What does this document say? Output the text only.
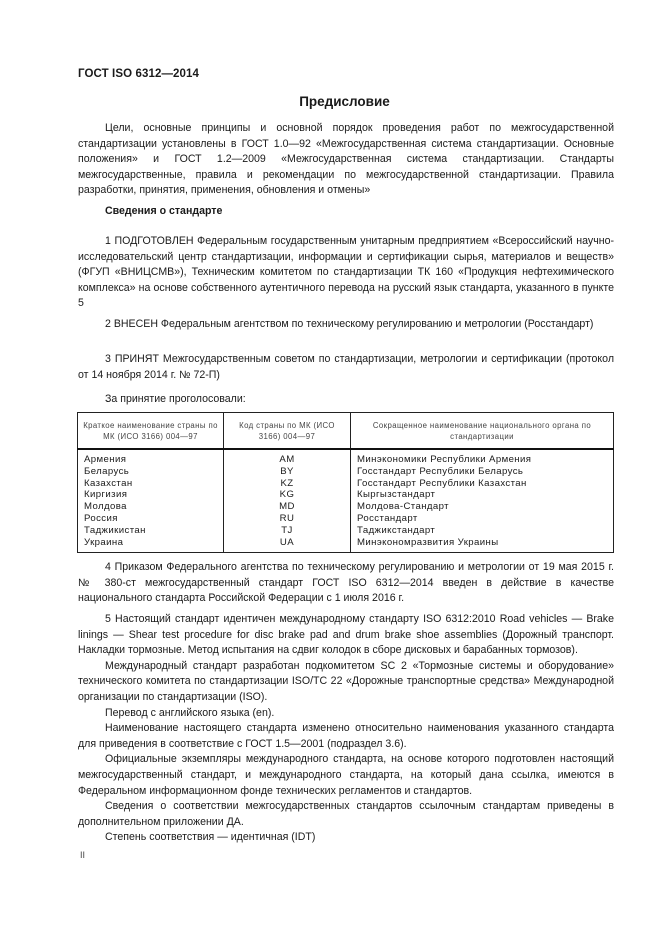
ГОСТ ISO 6312—2014
Предисловие

Цели, основные принципы и основной порядок проведения работ по межгосударственной стандартизации установлены в ГОСТ 1.0—92 «Межгосударственная система стандартизации. Основные положения» и ГОСТ 1.2—2009 «Межгосударственная система стандартизации. Стандарты межгосударственные, правила и рекомендации по межгосударственной стандартизации. Правила разработки, принятия, применения, обновления и отмены»

Сведения о стандарте

1 ПОДГОТОВЛЕН Федеральным государственным унитарным предприятием «Всероссийский научно-исследовательский центр стандартизации, информации и сертификации сырья, материалов и веществ» (ФГУП «ВНИЦСМВ»), Техническим комитетом по стандартизации ТК 160 «Продукция нефтехимического комплекса» на основе собственного аутентичного перевода на русский язык стандарта, указанного в пункте 5

2 ВНЕСЕН Федеральным агентством по техническому регулированию и метрологии (Росстандарт)

3 ПРИНЯТ Межгосударственным советом по стандартизации, метрологии и сертификации (протокол от 14 ноября 2014 г. № 72-П)

За принятие проголосовали:

Краткое наименование страны по МК (ИСО 3166) 004—97	Код страны по МК (ИСО 3166) 004—97	Сокращенное наименование национального органа по стандартизации
Армения	AM	Минэкономики Республики Армения
Беларусь	BY	Госстандарт Республики Беларусь
Казахстан	KZ	Госстандарт Республики Казахстан
Киргизия	KG	Кыргызстандарт
Молдова	MD	Молдова-Стандарт
Россия	RU	Росстандарт
Таджикистан	TJ	Таджикстандарт
Украина	UA	Минэкономразвития Украины

4 Приказом Федерального агентства по техническому регулированию и метрологии от 19 мая 2015 г. № 380-ст межгосударственный стандарт ГОСТ ISO 6312—2014 введен в действие в качестве национального стандарта Российской Федерации с 1 июля 2016 г.

5 Настоящий стандарт идентичен международному стандарту ISO 6312:2010 Road vehicles — Brake linings — Shear test procedure for disc brake pad and drum brake shoe assemblies (Дорожный транспорт. Накладки тормозные. Метод испытания на сдвиг колодок в сборе дисковых и барабанных тормозов).

Международный стандарт разработан подкомитетом SC 2 «Тормозные системы и оборудование» технического комитета по стандартизации ISO/TC 22 «Дорожные транспортные средства» Международной организации по стандартизации (ISO).

Перевод с английского языка (en).

Наименование настоящего стандарта изменено относительно наименования указанного стандарта для приведения в соответствие с ГОСТ 1.5—2001 (подраздел 3.6).

Официальные экземпляры международного стандарта, на основе которого подготовлен настоящий межгосударственный стандарт, и международного стандарта, на который дана ссылка, имеются в Федеральном информационном фонде технических регламентов и стандартов.

Сведения о соответствии межгосударственных стандартов ссылочным стандартам приведены в дополнительном приложении ДА.

Степень соответствия — идентичная (IDT)

II
